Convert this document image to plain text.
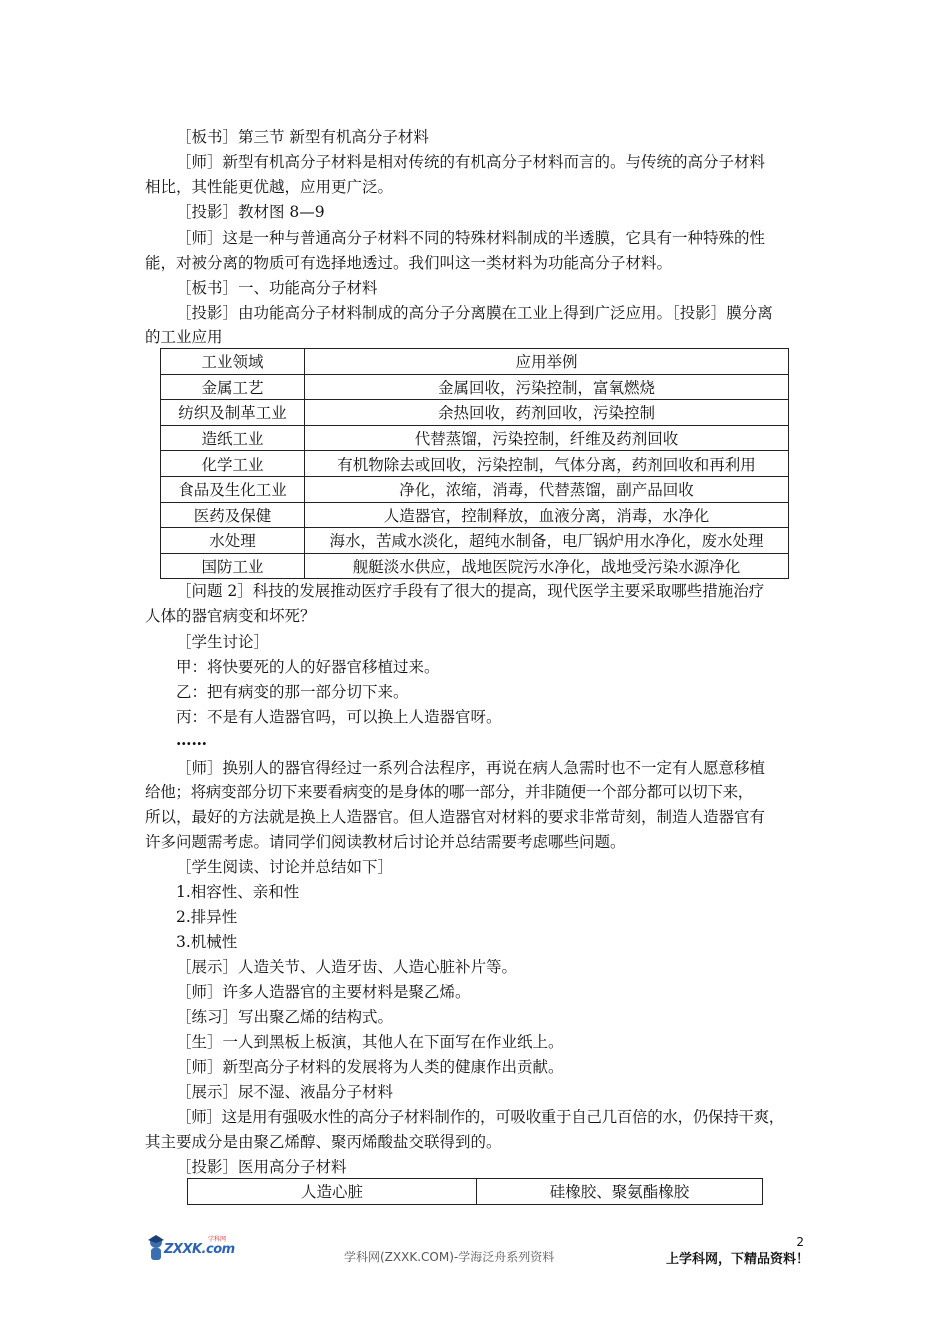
［板书］第三节 新型有机高分子材料
［师］新型有机高分子材料是相对传统的有机高分子材料而言的。与传统的高分子材料
相比，其性能更优越，应用更广泛。
［投影］教材图 8—9
［师］这是一种与普通高分子材料不同的特殊材料制成的半透膜，它具有一种特殊的性
能，对被分离的物质可有选择地透过。我们叫这一类材料为功能高分子材料。
［板书］一、功能高分子材料
［投影］由功能高分子材料制成的高分子分离膜在工业上得到广泛应用。［投影］膜分离
的工业应用
工业领域	应用举例
金属工艺	金属回收，污染控制，富氧燃烧
纺织及制革工业	余热回收，药剂回收，污染控制
造纸工业	代替蒸馏，污染控制，纤维及药剂回收
化学工业	有机物除去或回收，污染控制，气体分离，药剂回收和再利用
食品及生化工业	净化，浓缩，消毒，代替蒸馏，副产品回收
医药及保健	人造器官，控制释放，血液分离，消毒，水净化
水处理	海水，苦咸水淡化，超纯水制备，电厂锅炉用水净化，废水处理
国防工业	舰艇淡水供应，战地医院污水净化，战地受污染水源净化
［问题 2］科技的发展推动医疗手段有了很大的提高，现代医学主要采取哪些措施治疗
人体的器官病变和坏死？
［学生讨论］
甲：将快要死的人的好器官移植过来。
乙：把有病变的那一部分切下来。
丙：不是有人造器官吗，可以换上人造器官呀。
……
［师］换别人的器官得经过一系列合法程序，再说在病人急需时也不一定有人愿意移植
给他；将病变部分切下来要看病变的是身体的哪一部分，并非随便一个部分都可以切下来，
所以，最好的方法就是换上人造器官。但人造器官对材料的要求非常苛刻，制造人造器官有
许多问题需考虑。请同学们阅读教材后讨论并总结需要考虑哪些问题。
［学生阅读、讨论并总结如下］
1.相容性、亲和性
2.排异性
3.机械性
［展示］人造关节、人造牙齿、人造心脏补片等。
［师］许多人造器官的主要材料是聚乙烯。
［练习］写出聚乙烯的结构式。
［生］一人到黑板上板演，其他人在下面写在作业纸上。
［师］新型高分子材料的发展将为人类的健康作出贡献。
［展示］尿不湿、液晶分子材料
［师］这是用有强吸水性的高分子材料制作的，可吸收重于自己几百倍的水，仍保持干爽，
其主要成分是由聚乙烯醇、聚丙烯酸盐交联得到的。
［投影］医用高分子材料
人造心脏	硅橡胶、聚氨酯橡胶
2
ZXXK.com
学科网
学科网(ZXXK.COM)-学海泛舟系列资料	上学科网，下精品资料！
